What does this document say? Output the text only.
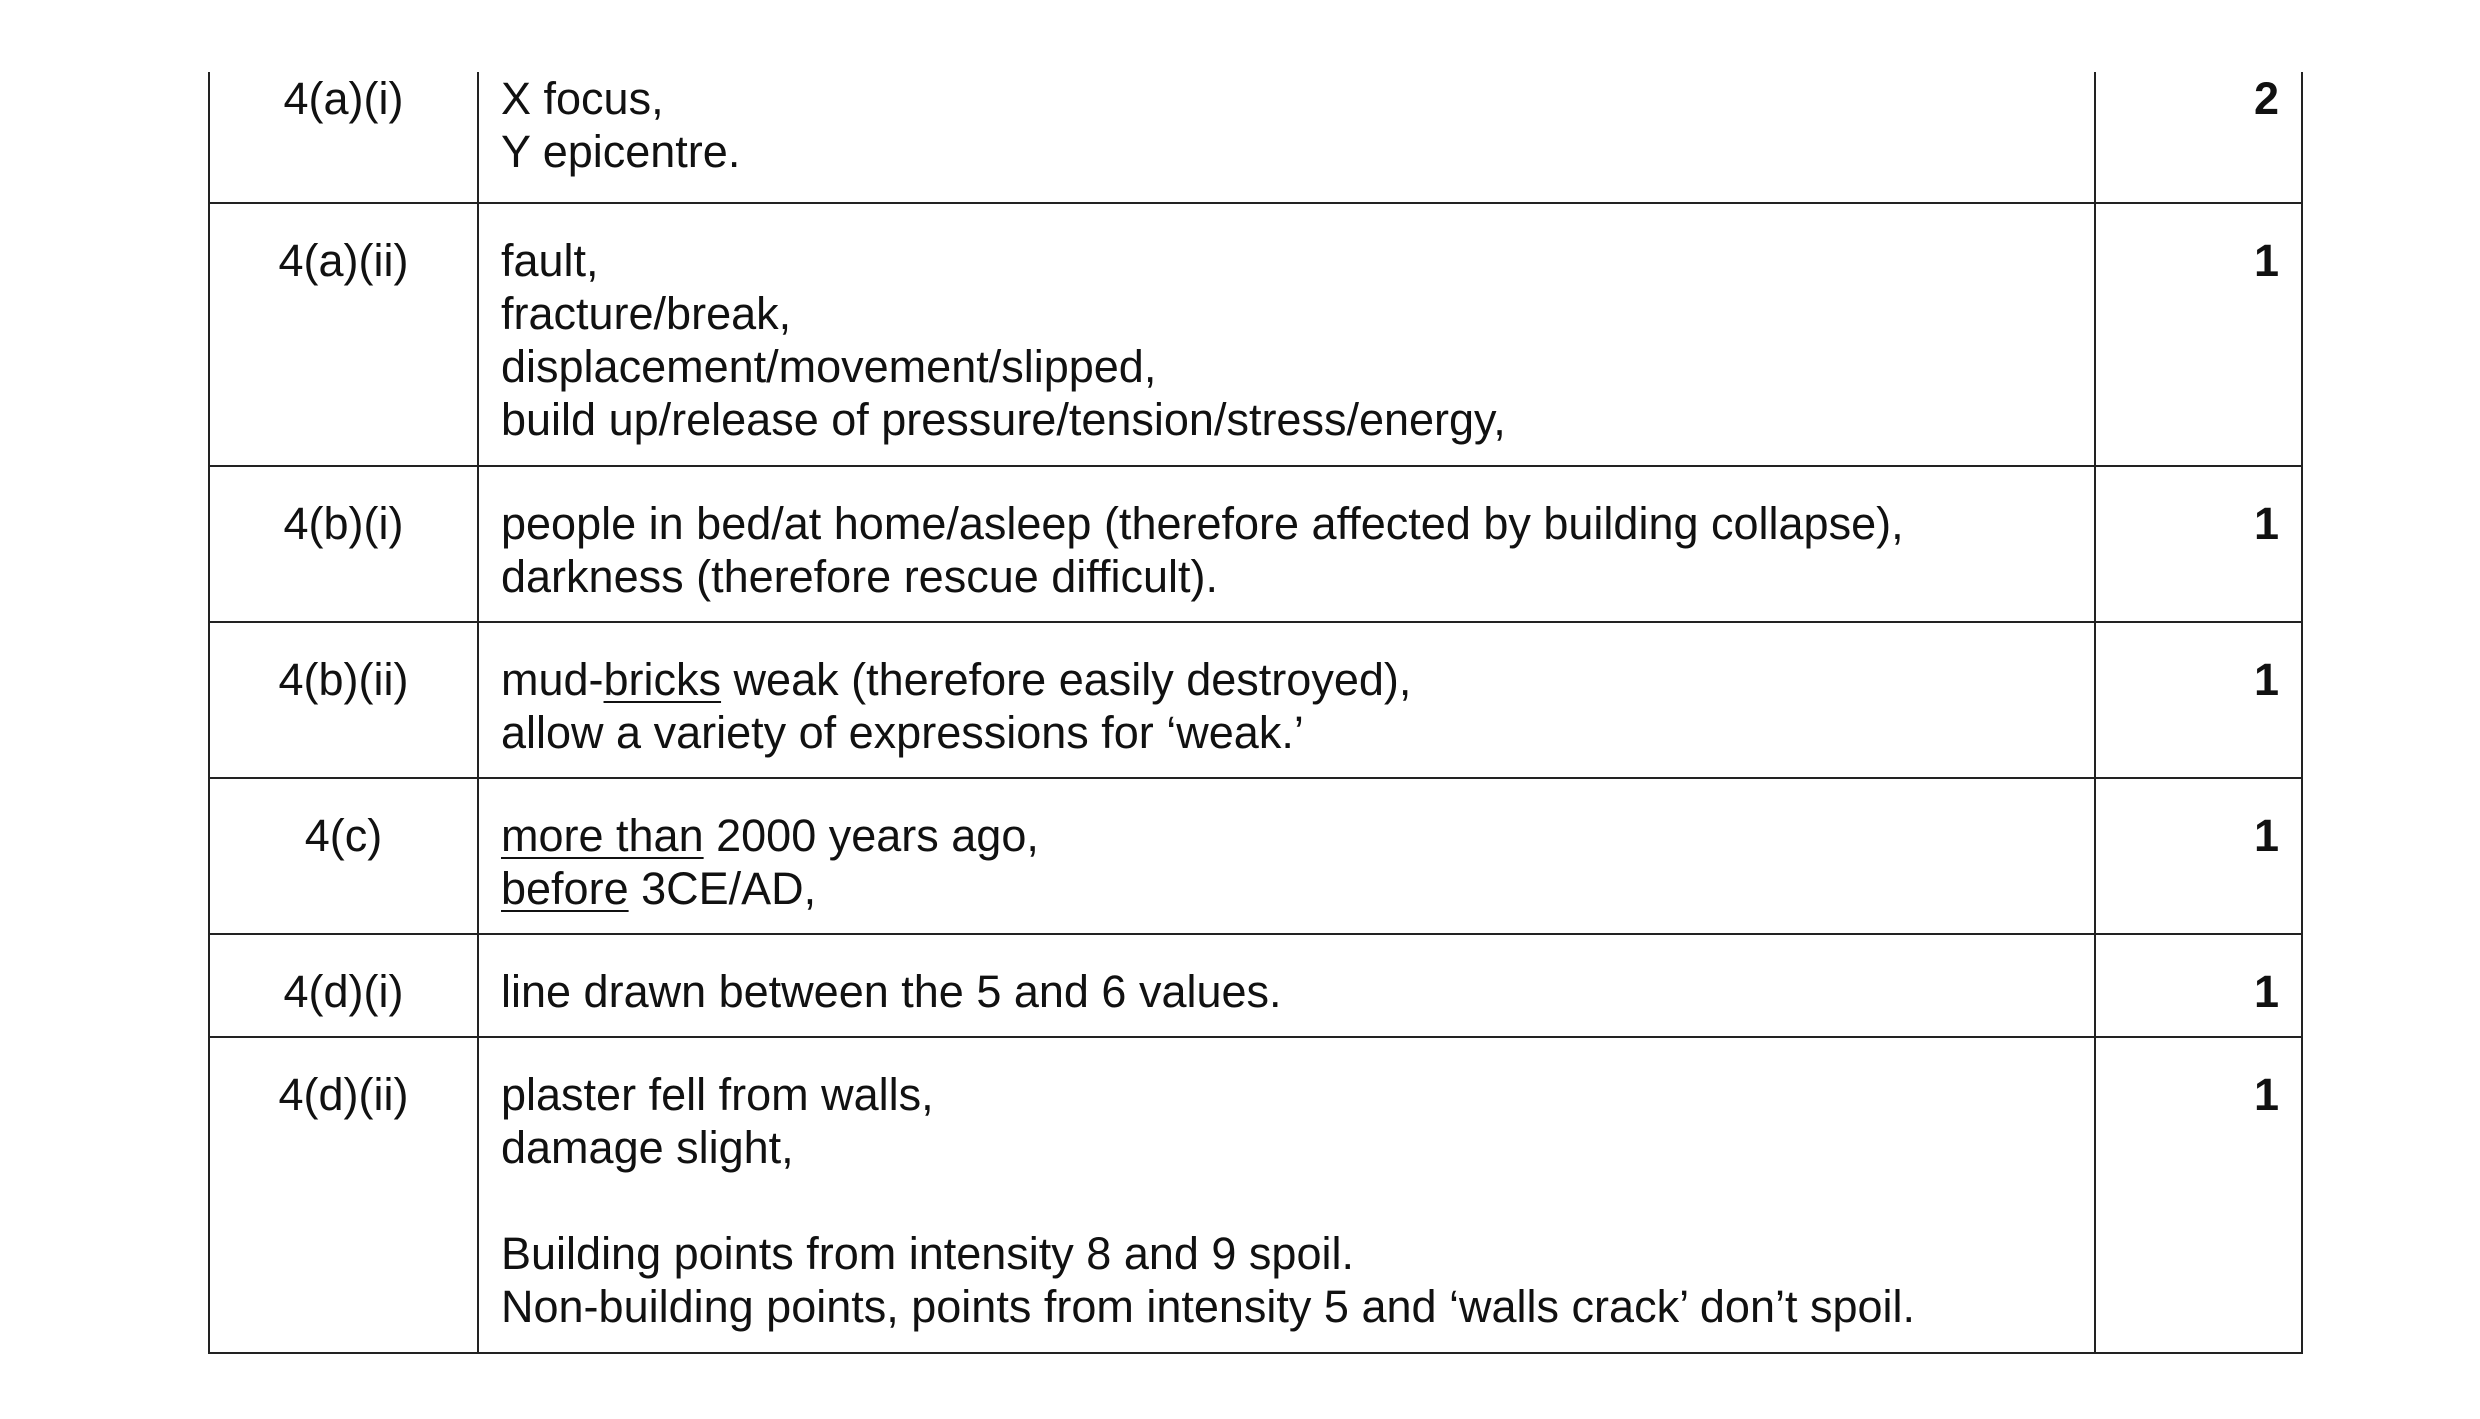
4(a)(i)	X focus,
Y epicentre.	2

4(a)(ii)	fault,
fracture/break,
displacement/movement/slipped,
build up/release of pressure/tension/stress/energy,	1

4(b)(i)	people in bed/at home/asleep (therefore affected by building collapse),
darkness (therefore rescue difficult).	1

4(b)(ii)	mud-bricks weak (therefore easily destroyed),
allow a variety of expressions for ‘weak.’	1

4(c)	more than 2000 years ago,
before 3CE/AD,	1

4(d)(i)	line drawn between the 5 and 6 values.	1

4(d)(ii)	plaster fell from walls,
damage slight,
Building points from intensity 8 and 9 spoil.
Non-building points, points from intensity 5 and ‘walls crack’ don’t spoil.	1
